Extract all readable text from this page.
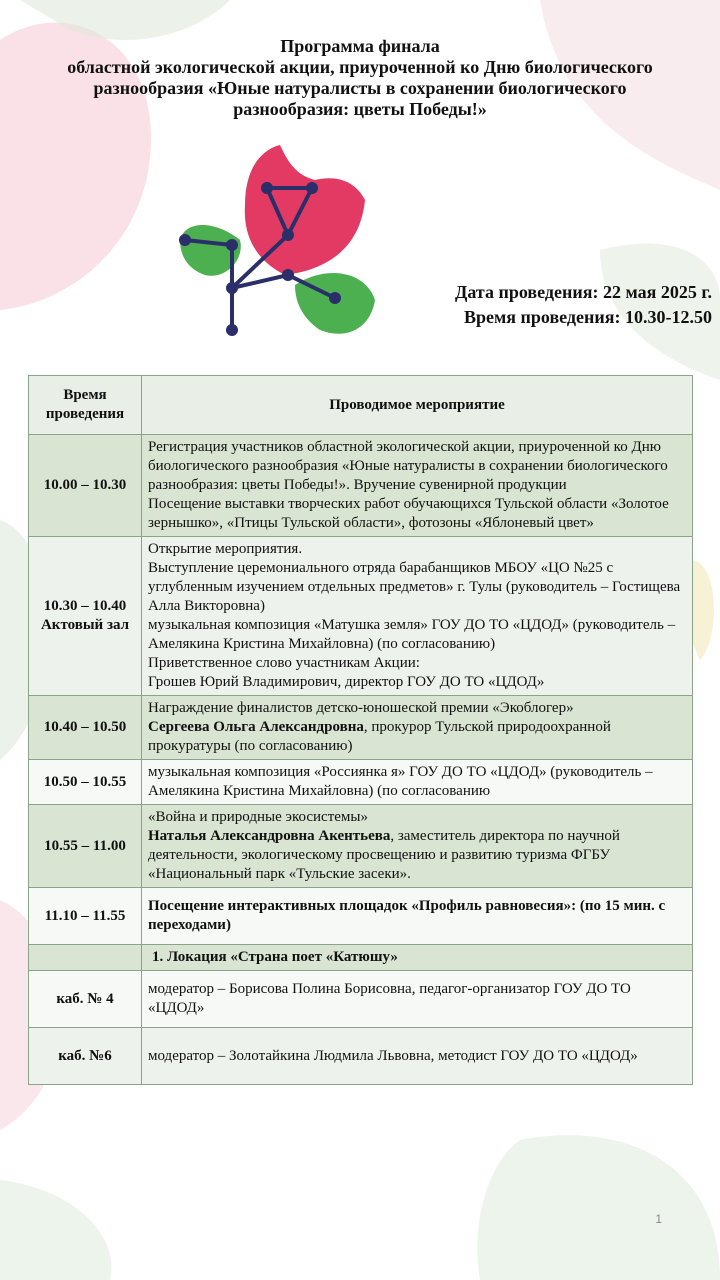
Программа финала
областной экологической акции, приуроченной ко Дню биологического
разнообразия «Юные натуралисты в сохранении биологического
разнообразия: цветы Победы!»
Дата проведения: 22 мая 2025 г.
Время проведения: 10.30-12.50
Время проведения	Проводимое мероприятие
10.00 – 10.30	Регистрация участников областной экологической акции, приуроченной ко Дню биологического разнообразия «Юные натуралисты в сохранении биологического разнообразия: цветы Победы!». Вручение сувенирной продукции
Посещение выставки творческих работ обучающихся Тульской области «Золотое зернышко», «Птицы Тульской области», фотозоны «Яблоневый цвет»

10.30 – 10.40 Актовый зал	Открытие мероприятия.
Выступление церемониального отряда барабанщиков МБОУ «ЦО №25 с углубленным изучением отдельных предметов» г. Тулы (руководитель – Гостищева Алла Викторовна)
музыкальная композиция «Матушка земля» ГОУ ДО ТО «ЦДОД» (руководитель – Амелякина Кристина Михайловна) (по согласованию)
Приветственное слово участникам Акции:
Грошев Юрий Владимирович, директор ГОУ ДО ТО «ЦДОД»

10.40 – 10.50	Награждение финалистов детско-юношеской премии «Экоблогер»
Сергеева Ольга Александровна, прокурор Тульской природоохранной прокуратуры (по согласованию)

10.50 – 10.55	музыкальная композиция «Россиянка я» ГОУ ДО ТО «ЦДОД» (руководитель – Амелякина Кристина Михайловна) (по согласованию

10.55 – 11.00	«Война и природные экосистемы»
Наталья Александровна Акентьева, заместитель директора по научной деятельности, экологическому просвещению и развитию туризма ФГБУ «Национальный парк «Тульские засеки».

11.10 – 11.55	Посещение интерактивных площадок «Профиль равновесия»: (по 15 мин. с переходами)

	1. Локация «Страна поет «Катюшу»
каб. № 4	модератор – Борисова Полина Борисовна, педагог-организатор ГОУ ДО ТО «ЦДОД»

каб. №6	модератор – Золотайкина Людмила Львовна, методист ГОУ ДО ТО «ЦДОД»
1
